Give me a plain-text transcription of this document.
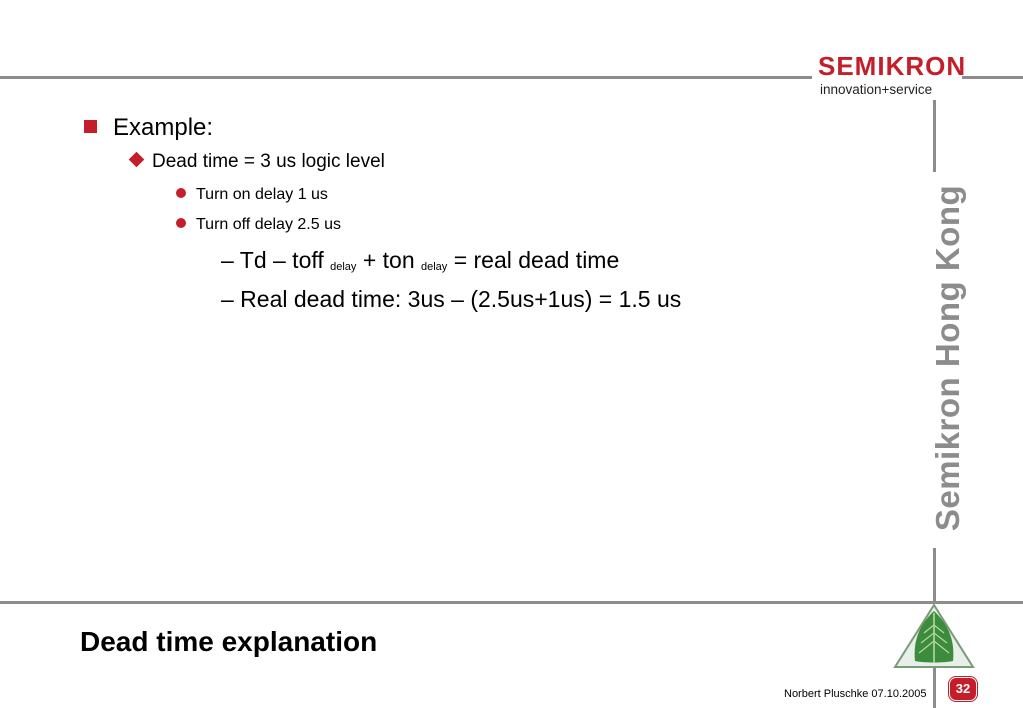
SEMIKRON
innovation+service
Example:
Dead time = 3 us logic level
Turn on delay 1 us
Turn off delay 2.5 us
– Td – toff delay + ton delay = real dead time
– Real dead time: 3us – (2.5us+1us) = 1.5 us	Semikron Hong Kong
Dead time explanation
Norbert Pluschke 07.10.2005	32
